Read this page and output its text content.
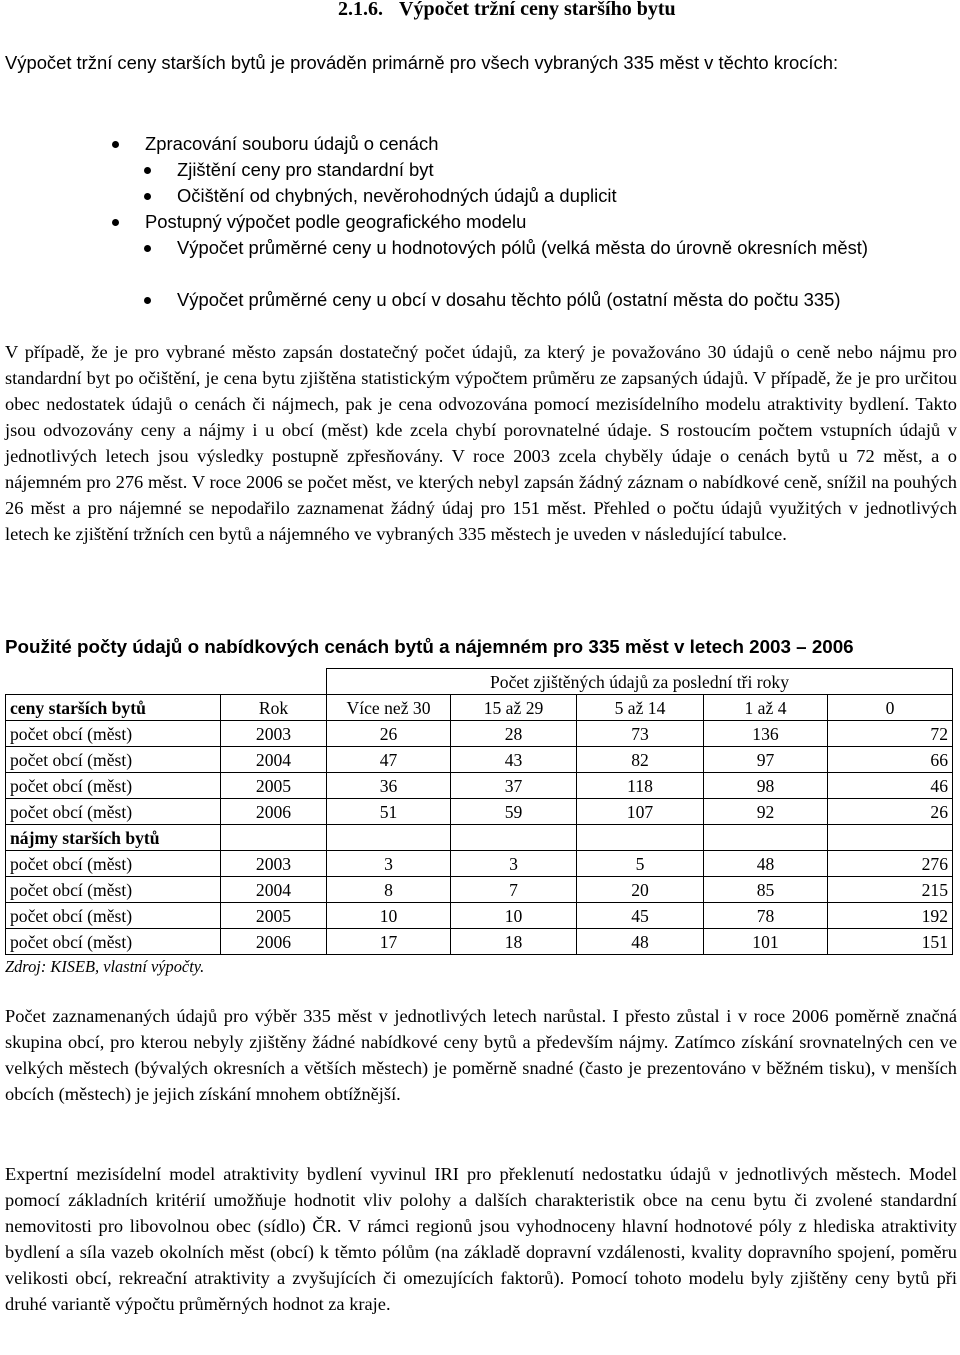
2.1.6. Výpočet tržní ceny staršího bytu

Výpočet tržní ceny starších bytů je prováděn primárně pro všech vybraných 335 měst v těchto krocích:

Zpracování souboru údajů o cenách
Zjištění ceny pro standardní byt
Očištění od chybných, nevěrohodných údajů a duplicit
Postupný výpočet podle geografického modelu
Výpočet průměrné ceny u hodnotových pólů (velká města do úrovně okresních měst)
Výpočet průměrné ceny u obcí v dosahu těchto pólů (ostatní města do počtu 335)

V případě, že je pro vybrané město zapsán dostatečný počet údajů, za který je považováno 30 údajů o ceně nebo nájmu pro standardní byt po očištění, je cena bytu zjištěna statistickým výpočtem průměru ze zapsaných údajů. V případě, že je pro určitou obec nedostatek údajů o cenách či nájmech, pak je cena odvozována pomocí mezisídelního modelu atraktivity bydlení. Takto jsou odvozovány ceny a nájmy i u obcí (měst) kde zcela chybí porovnatelné údaje. S rostoucím počtem vstupních údajů v jednotlivých letech jsou výsledky postupně zpřesňovány. V roce 2003 zcela chyběly údaje o cenách bytů u 72 měst, a o nájemném pro 276 měst. V roce 2006 se počet měst, ve kterých nebyl zapsán žádný záznam o nabídkové ceně, snížil na pouhých 26 měst a pro nájemné se nepodařilo zaznamenat žádný údaj pro 151 měst. Přehled o počtu údajů využitých v jednotlivých letech ke zjištění tržních cen bytů a nájemného ve vybraných 335 městech je uveden v následující tabulce.

Použité počty údajů o nabídkových cenách bytů a nájemném pro 335 měst v letech 2003 – 2006

		Počet zjištěných údajů za poslední tři roky				
ceny starších bytů	Rok	Více než 30	15 až 29	5 až 14	1 až 4	0
počet obcí (měst)	2003	26	28	73	136	72
počet obcí (měst)	2004	47	43	82	97	66
počet obcí (měst)	2005	36	37	118	98	46
počet obcí (měst)	2006	51	59	107	92	26
nájmy starších bytů						
počet obcí (měst)	2003	3	3	5	48	276
počet obcí (měst)	2004	8	7	20	85	215
počet obcí (měst)	2005	10	10	45	78	192
počet obcí (měst)	2006	17	18	48	101	151

Zdroj: KISEB, vlastní výpočty.

Počet zaznamenaných údajů pro výběr 335 měst v jednotlivých letech narůstal. I přesto zůstal i v roce 2006 poměrně značná skupina obcí, pro kterou nebyly zjištěny žádné nabídkové ceny bytů a především nájmy. Zatímco získání srovnatelných cen ve velkých městech (bývalých okresních a větších městech) je poměrně snadné (často je prezentováno v běžném tisku), v menších obcích (městech) je jejich získání mnohem obtížnější.

Expertní mezisídelní model atraktivity bydlení vyvinul IRI pro překlenutí nedostatku údajů v jednotlivých městech. Model pomocí základních kritérií umožňuje hodnotit vliv polohy a dalších charakteristik obce na cenu bytu či zvolené standardní nemovitosti pro libovolnou obec (sídlo) ČR. V rámci regionů jsou vyhodnoceny hlavní hodnotové póly z hlediska atraktivity bydlení a síla vazeb okolních měst (obcí) k těmto pólům (na základě dopravní vzdálenosti, kvality dopravního spojení, poměru velikosti obcí, rekreační atraktivity a zvyšujících či omezujících faktorů). Pomocí tohoto modelu byly zjištěny ceny bytů při druhé variantě výpočtu průměrných hodnot za kraje.
